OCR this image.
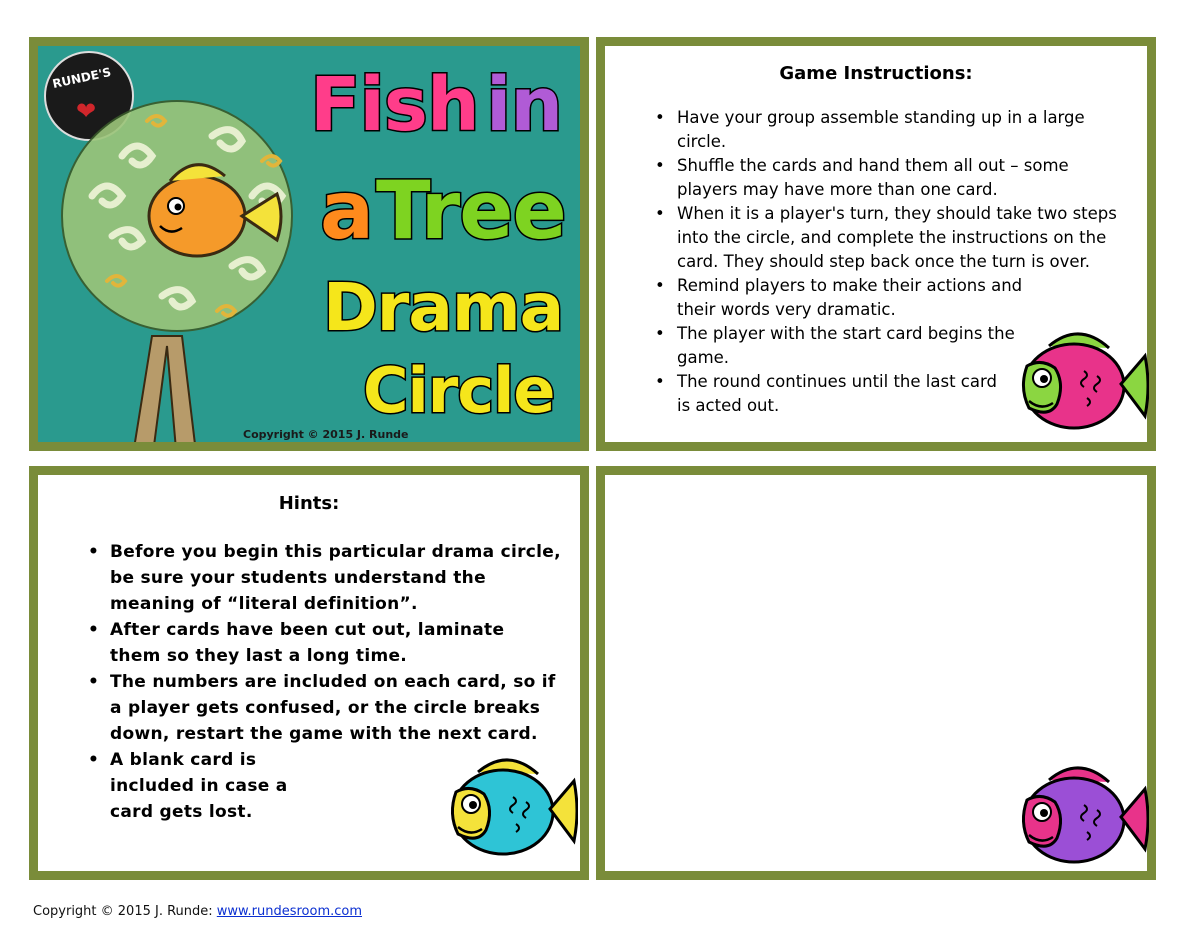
RUNDE'S
❤	Fish in
a Tree
Drama
Circle
Copyright © 2015 J. Runde
Game Instructions:
• Have your group assemble standing up in a large circle.
• Shuffle the cards and hand them all out – some players may have more than one card.
• When it is a player's turn, they should take two steps into the circle, and complete the instructions on the card. They should step back once the turn is over.
• Remind players to make their actions and their words very dramatic.
• The player with the start card begins the game.
• The round continues until the last card is acted out.
Hints:
• Before you begin this particular drama circle, be sure your students understand the meaning of “literal definition”.
• After cards have been cut out, laminate them so they last a long time.
• The numbers are included on each card, so if a player gets confused, or the circle breaks down, restart the game with the next card.
• A blank card is included in case a card gets lost.
Copyright © 2015 J. Runde: www.rundesroom.com
